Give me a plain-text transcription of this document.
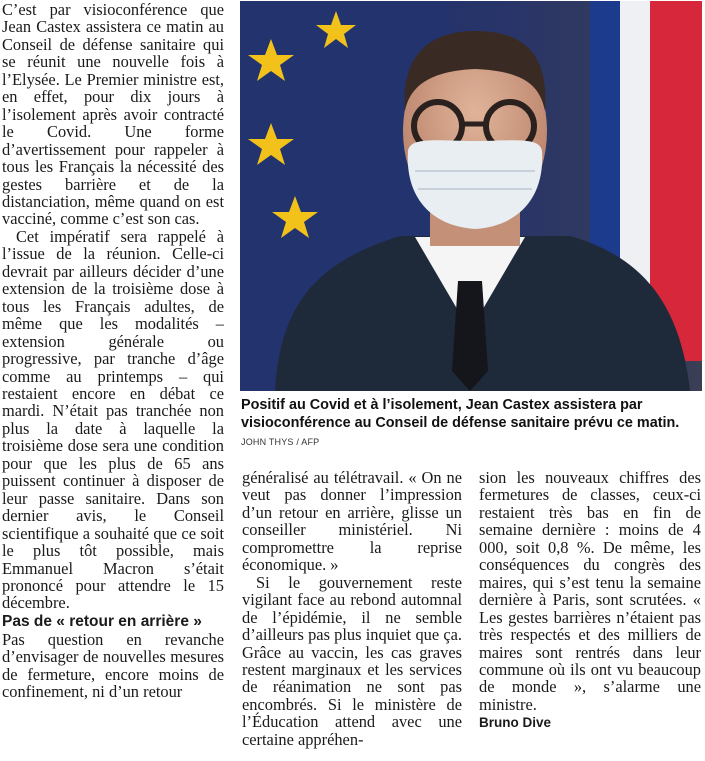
C’est par visioconférence que Jean Castex assistera ce matin au Conseil de défense sanitaire qui se réunit une nouvelle fois à l’Elysée. Le Premier ministre est, en effet, pour dix jours à l’isolement après avoir contracté le Covid. Une forme d’avertissement pour rappeler à tous les Français la nécessité des gestes barrière et de la distanciation, même quand on est vacciné, comme c’est son cas.

Cet impératif sera rappelé à l’issue de la réunion. Celle-ci devrait par ailleurs décider d’une extension de la troisième dose à tous les Français adultes, de même que les modalités – extension générale ou progressive, par tranche d’âge comme au printemps – qui restaient encore en débat ce mardi. N’était pas tranchée non plus la date à laquelle la troisième dose sera une condition pour que les plus de 65 ans puissent continuer à disposer de leur passe sanitaire. Dans son dernier avis, le Conseil scientifique a souhaité que ce soit le plus tôt possible, mais Emmanuel Macron s’était prononcé pour attendre le 15 décembre.

Pas de « retour en arrière »

Pas question en revanche d’envisager de nouvelles mesures de fermeture, encore moins de confinement, ni d’un retour

Positif au Covid et à l’isolement, Jean Castex assistera par visioconférence au Conseil de défense sanitaire prévu ce matin. JOHN THYS / AFP

généralisé au télétravail. « On ne veut pas donner l’impression d’un retour en arrière, glisse un conseiller ministériel. Ni compromettre la reprise économique. »

Si le gouvernement reste vigilant face au rebond automnal de l’épidémie, il ne semble d’ailleurs pas plus inquiet que ça. Grâce au vaccin, les cas graves restent marginaux et les services de réanimation ne sont pas encombrés. Si le ministère de l’Éducation attend avec une certaine appréhen-

sion les nouveaux chiffres des fermetures de classes, ceux-ci restaient très bas en fin de semaine dernière : moins de 4 000, soit 0,8 %. De même, les conséquences du congrès des maires, qui s’est tenu la semaine dernière à Paris, sont scrutées. « Les gestes barrières n’étaient pas très respectés et des milliers de maires sont rentrés dans leur commune où ils ont vu beaucoup de monde », s’alarme une ministre.

Bruno Dive
